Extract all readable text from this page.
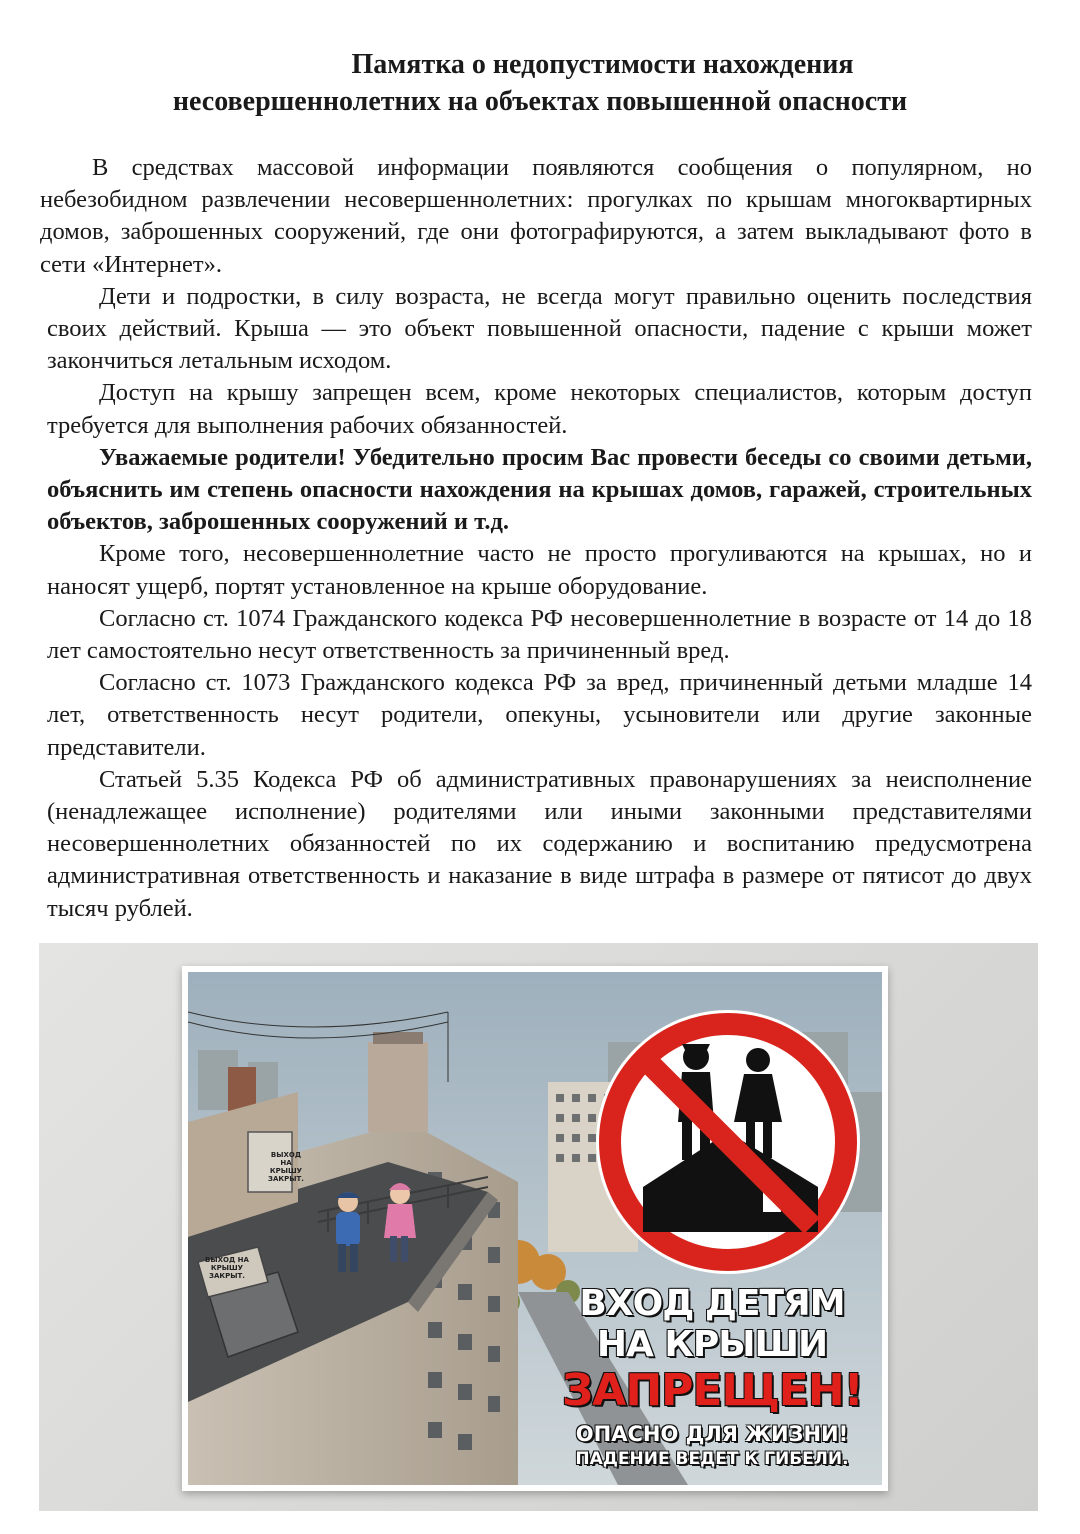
Памятка о недопустимости нахождения
несовершеннолетних на объектах повышенной опасности

В средствах массовой информации появляются сообщения о популярном, но небезобидном развлечении несовершеннолетних: прогулках по крышам многоквартирных домов, заброшенных сооружений, где они фотографируются, а затем выкладывают фото в сети «Интернет».

Дети и подростки, в силу возраста, не всегда могут правильно оценить последствия своих действий. Крыша — это объект повышенной опасности, падение с крыши может закончиться летальным исходом.

Доступ на крышу запрещен всем, кроме некоторых специалистов, которым доступ требуется для выполнения рабочих обязанностей.

Уважаемые родители! Убедительно просим Вас провести беседы со своими детьми, объяснить им степень опасности нахождения на крышах домов, гаражей, строительных объектов, заброшенных сооружений и т.д.

Кроме того, несовершеннолетние часто не просто прогуливаются на крышах, но и наносят ущерб, портят установленное на крыше оборудование.

Согласно ст. 1074 Гражданского кодекса РФ несовершеннолетние в возрасте от 14 до 18 лет самостоятельно несут ответственность за причиненный вред.

Согласно ст. 1073 Гражданского кодекса РФ за вред, причиненный детьми младше 14 лет, ответственность несут родители, опекуны, усыновители или другие законные представители.

Статьей 5.35 Кодекса РФ об административных правонарушениях за неисполнение (ненадлежащее исполнение) родителями или иными законными представителями несовершеннолетних обязанностей по их содержанию и воспитанию предусмотрена административная ответственность и наказание в виде штрафа в размере от пятисот до двух тысяч рублей.

ВЫХОД НА КРЫШУ ЗАКРЫТ.
ВЫХОД НА КРЫШУ ЗАКРЫТ.
ВХОД ДЕТЯМ
НА КРЫШИ
ЗАПРЕЩЕН!
ОПАСНО ДЛЯ ЖИЗНИ!
ПАДЕНИЕ ВЕДЕТ К ГИБЕЛИ.
